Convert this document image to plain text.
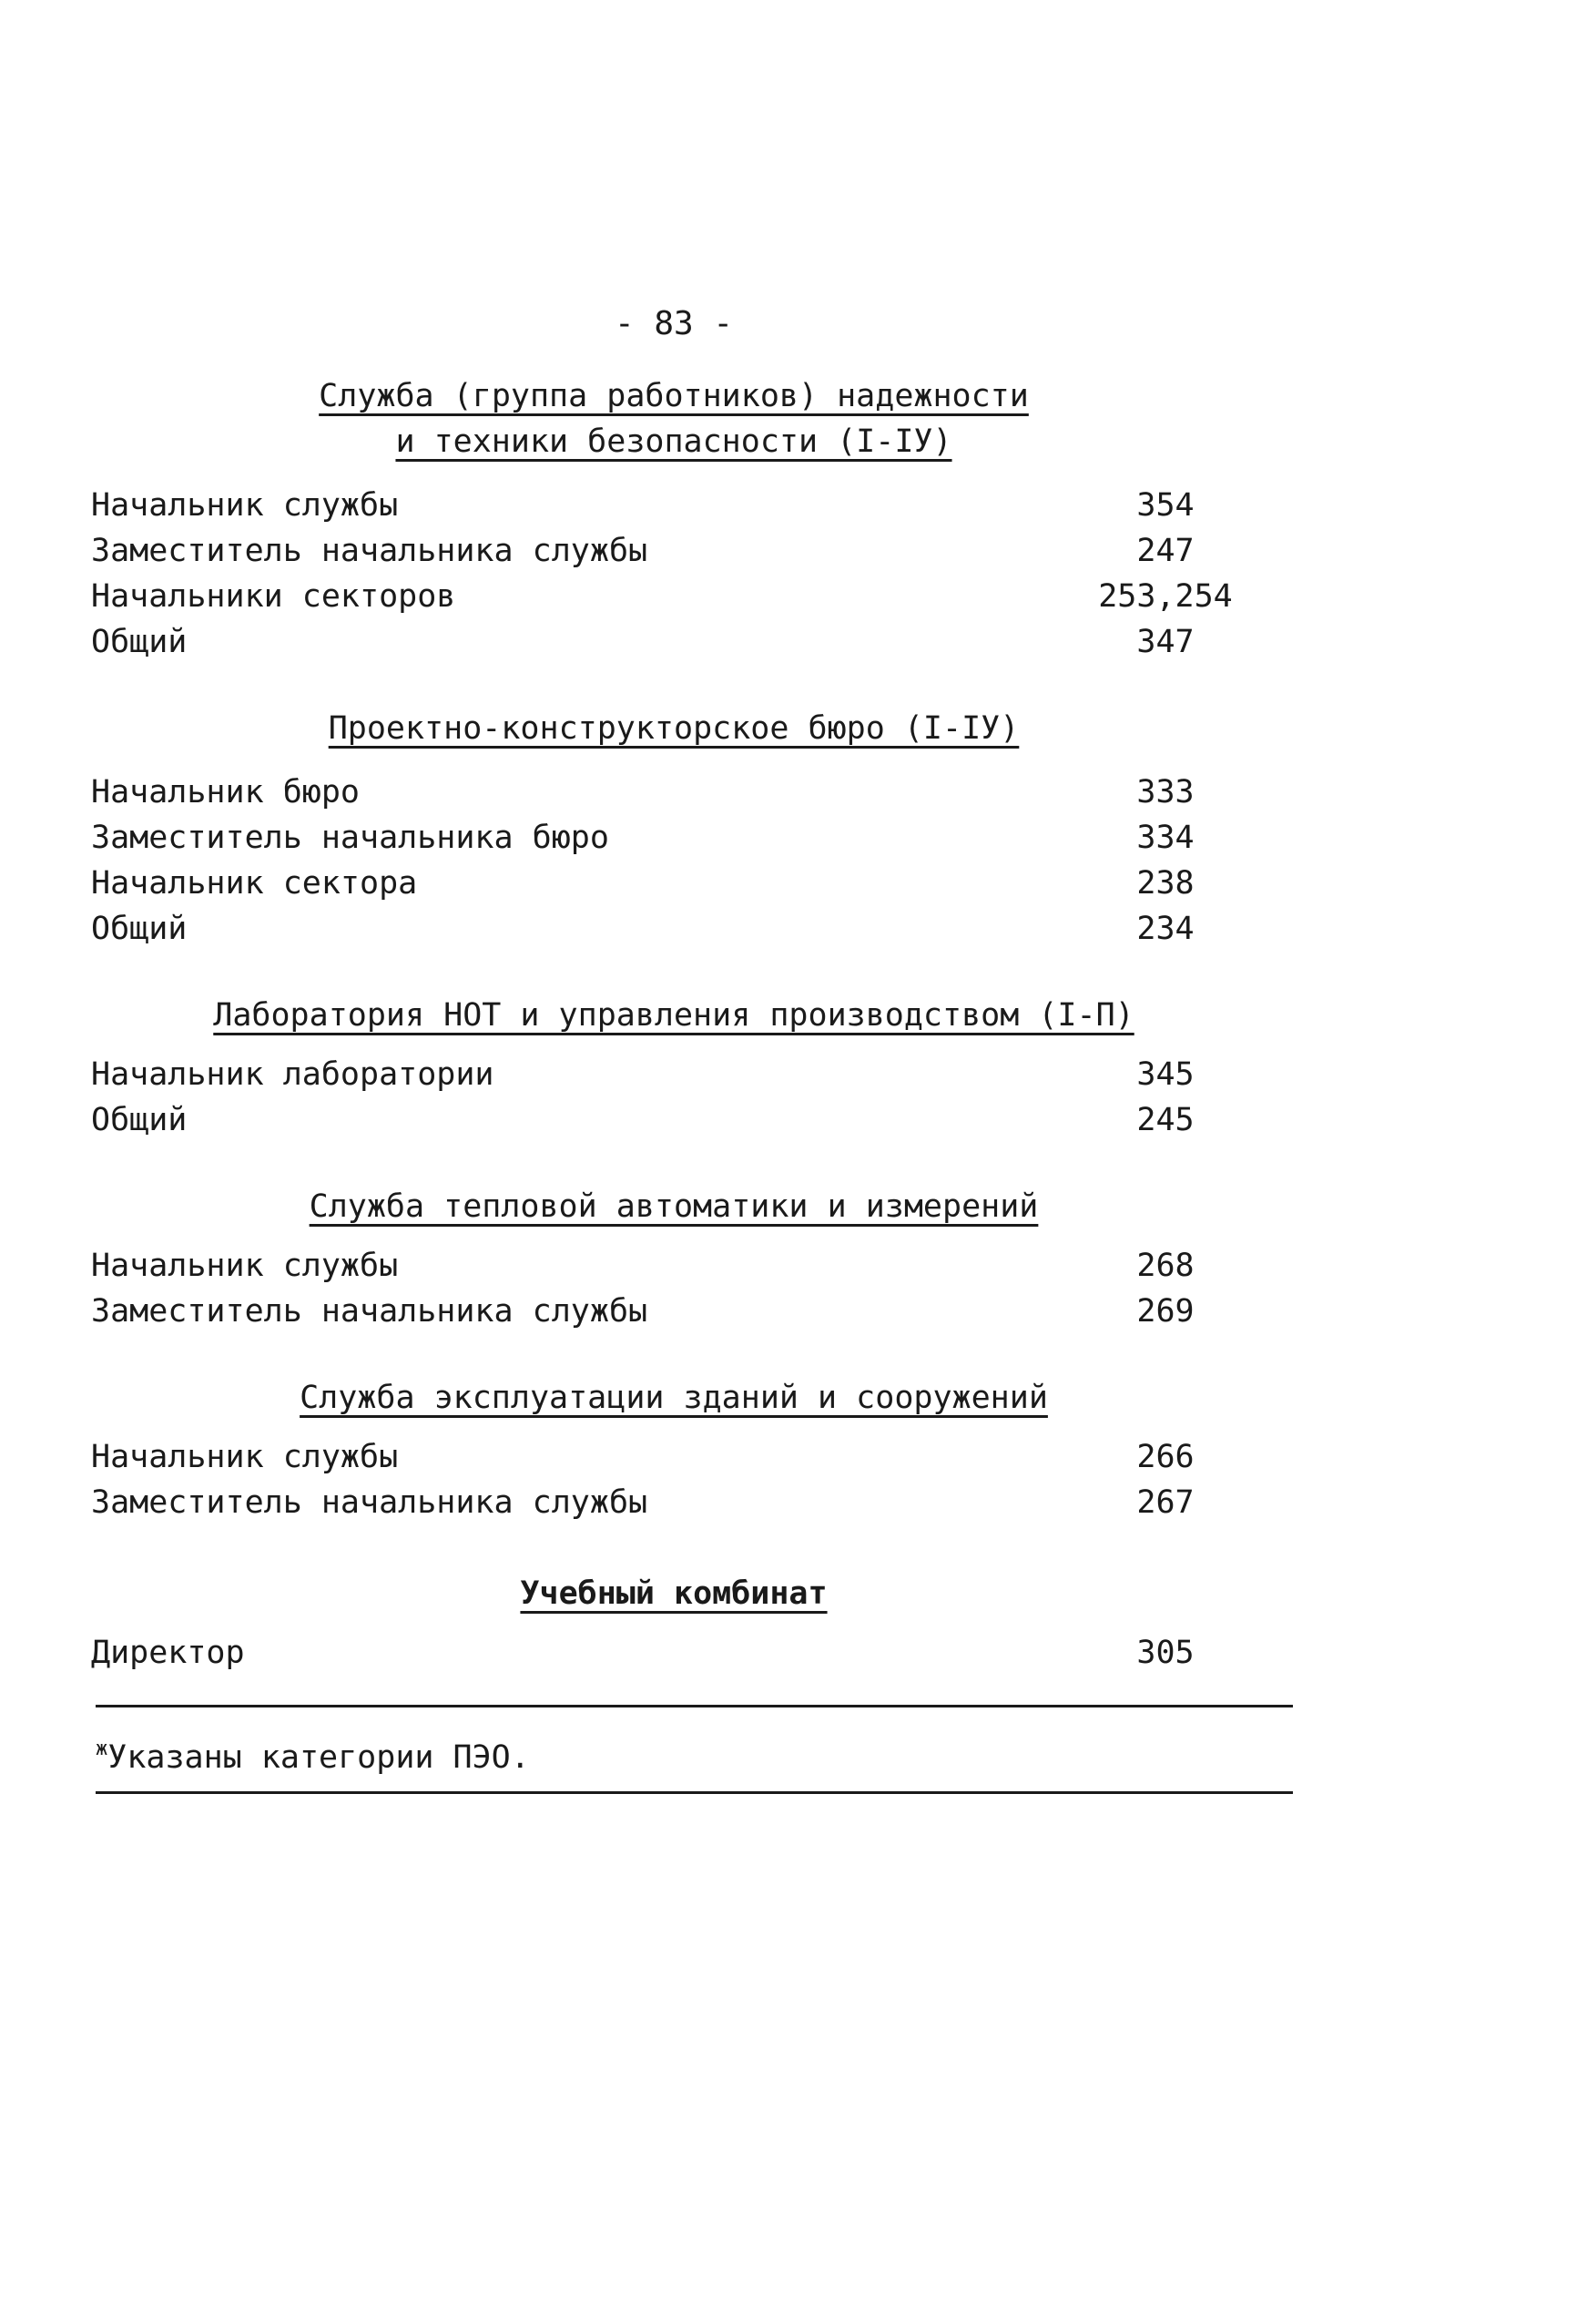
- 83 -
Служба (группа работников) надежности
и техники безопасности (I-IУ)
Начальник службы	354
Заместитель начальника службы	247
Начальники секторов	253,254
Общий	347
Проектно-конструкторское бюро (I-IУ)
Начальник бюро	333
Заместитель начальника бюро	334
Начальник сектора	238
Общий	234
Лаборатория НОТ и управления производством (I-П)
Начальник лаборатории	345
Общий	245
Служба тепловой автоматики и измерений
Начальник службы	268
Заместитель начальника службы	269
Служба эксплуатации зданий и сооружений
Начальник службы	266
Заместитель начальника службы	267
Учебный комбинат
Директор	305
$^ж$Указаны категории ПЭО.
